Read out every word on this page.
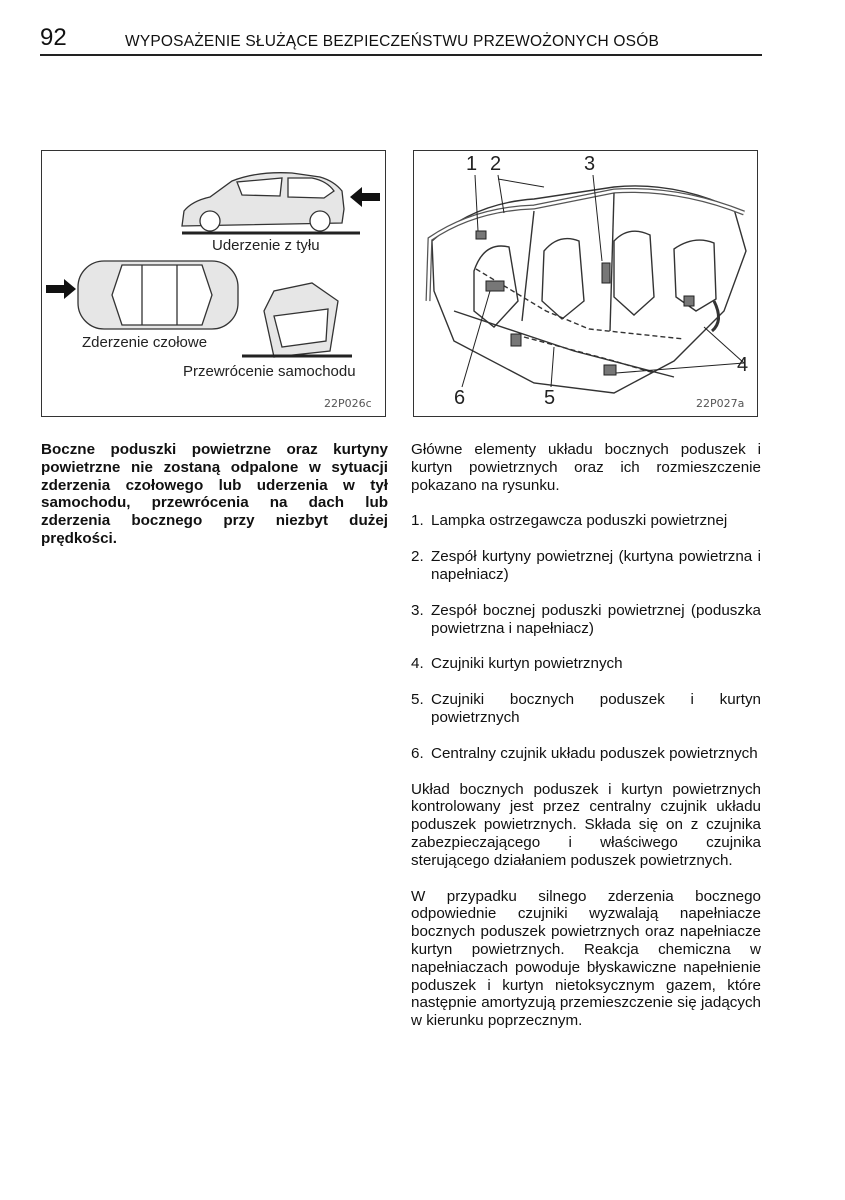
92	WYPOSAŻENIE SŁUŻĄCE BEZPIECZEŃSTWU PRZEWOŻONYCH OSÓB
Uderzenie z tyłu
Zderzenie czołowe
Przewrócenie samochodu
22P026c
1 2	3
4
5
6	22P027a
Boczne poduszki powietrzne oraz kurtyny powietrzne nie zostaną odpalone w sytuacji zderzenia czołowego lub uderzenia w tył samochodu, przewrócenia na dach lub zderzenia bocznego przy niezbyt dużej prędkości.

Główne elementy układu bocznych poduszek i kurtyn powietrznych oraz ich rozmieszczenie pokazano na rysunku.

1. Lampka ostrzegawcza poduszki powietrznej
2. Zespół kurtyny powietrznej (kurtyna powietrzna i napełniacz)
3. Zespół bocznej poduszki powietrznej (poduszka powietrzna i napełniacz)
4. Czujniki kurtyn powietrznych
5. Czujniki bocznych poduszek i kurtyn powietrznych
6. Centralny czujnik układu poduszek powietrznych

Układ bocznych poduszek i kurtyn powietrznych kontrolowany jest przez centralny czujnik układu poduszek powietrznych. Składa się on z czujnika zabezpieczającego i właściwego czujnika sterującego działaniem poduszek powietrznych.

W przypadku silnego zderzenia bocznego odpowiednie czujniki wyzwalają napełniacze bocznych poduszek powietrznych oraz napełniacze kurtyn powietrznych. Reakcja chemiczna w napełniaczach powoduje błyskawiczne napełnienie poduszek i kurtyn nietoksycznym gazem, które następnie amortyzują przemieszczenie się jadących w kierunku poprzecznym.
